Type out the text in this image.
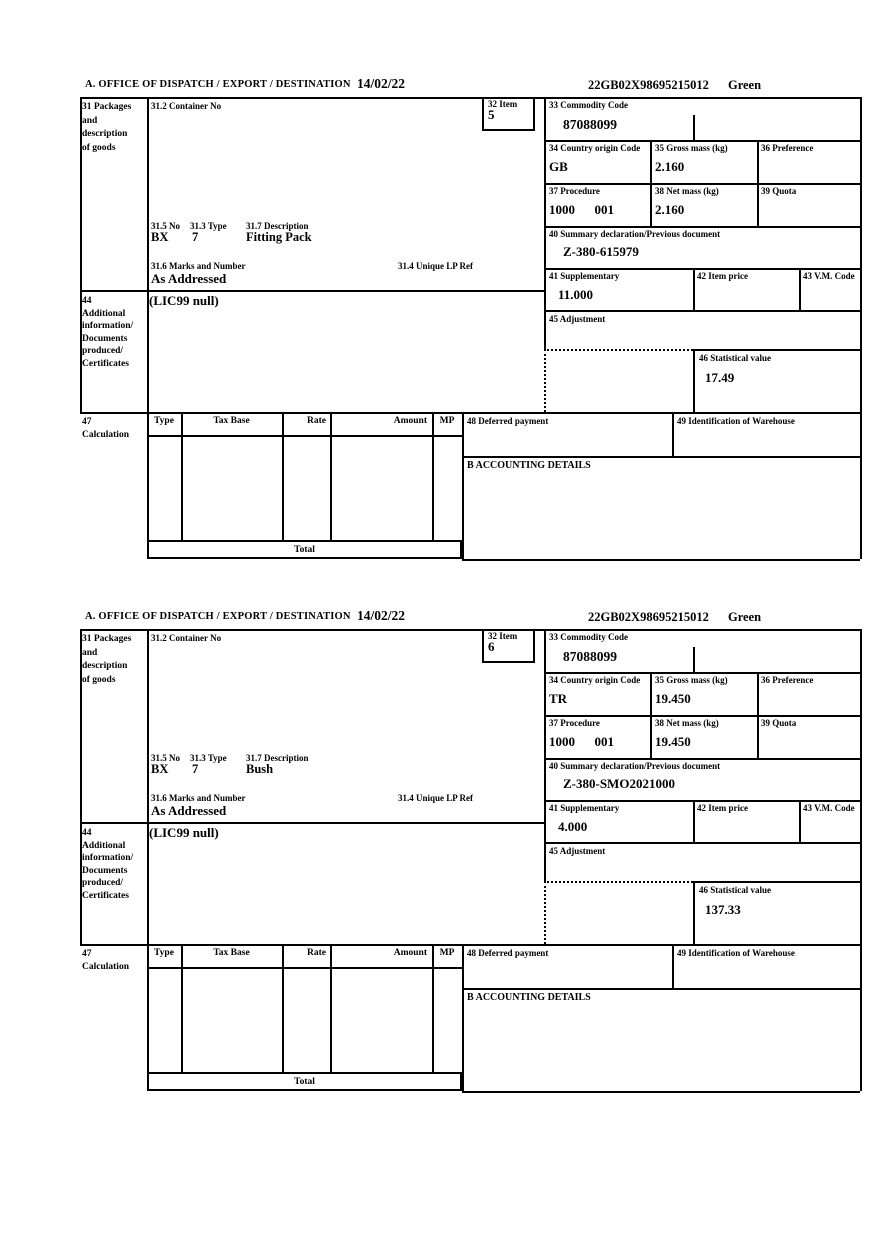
A. OFFICE OF DISPATCH / EXPORT / DESTINATION 14/02/22	22GB02X98695215012 Green
32 Item
5
31 Packages
and
description
of goods
44
Additional
information/
Documents
produced/
Certificates
47
Calculation
31.2 Container No
31.5 No 31.3 Type 31.7 Description
BX 7	Fitting Pack
31.6 Marks and Number	31.4 Unique LP Ref
As Addressed
(LIC99 null)
33 Commodity Code
87088099
34 Country origin Code
GB
35 Gross mass (kg)
2.160
36 Preference
37 Procedure
1000      001
38 Net mass (kg)
2.160
39 Quota
40 Summary declaration/Previous document
Z-380-615979
41 Supplementary
11.000
42 Item price	43 V.M. Code
45 Adjustment
46 Statistical value
17.49
Type	Tax Base	Rate	Amount	MP	48 Deferred payment	49 Identification of Warehouse
B ACCOUNTING DETAILS
Total
A. OFFICE OF DISPATCH / EXPORT / DESTINATION 14/02/22	22GB02X98695215012 Green
32 Item
6
31 Packages
and
description
of goods
44
Additional
information/
Documents
produced/
Certificates
47
Calculation
31.2 Container No
31.5 No 31.3 Type 31.7 Description
BX 7	Bush
31.6 Marks and Number	31.4 Unique LP Ref
As Addressed
(LIC99 null)
33 Commodity Code
87088099
34 Country origin Code
TR
35 Gross mass (kg)
19.450
36 Preference
37 Procedure
1000      001
38 Net mass (kg)
19.450
39 Quota
40 Summary declaration/Previous document
Z-380-SMO2021000
41 Supplementary
4.000
42 Item price	43 V.M. Code
45 Adjustment
46 Statistical value
137.33
Type	Tax Base	Rate	Amount	MP	48 Deferred payment	49 Identification of Warehouse
B ACCOUNTING DETAILS
Total
